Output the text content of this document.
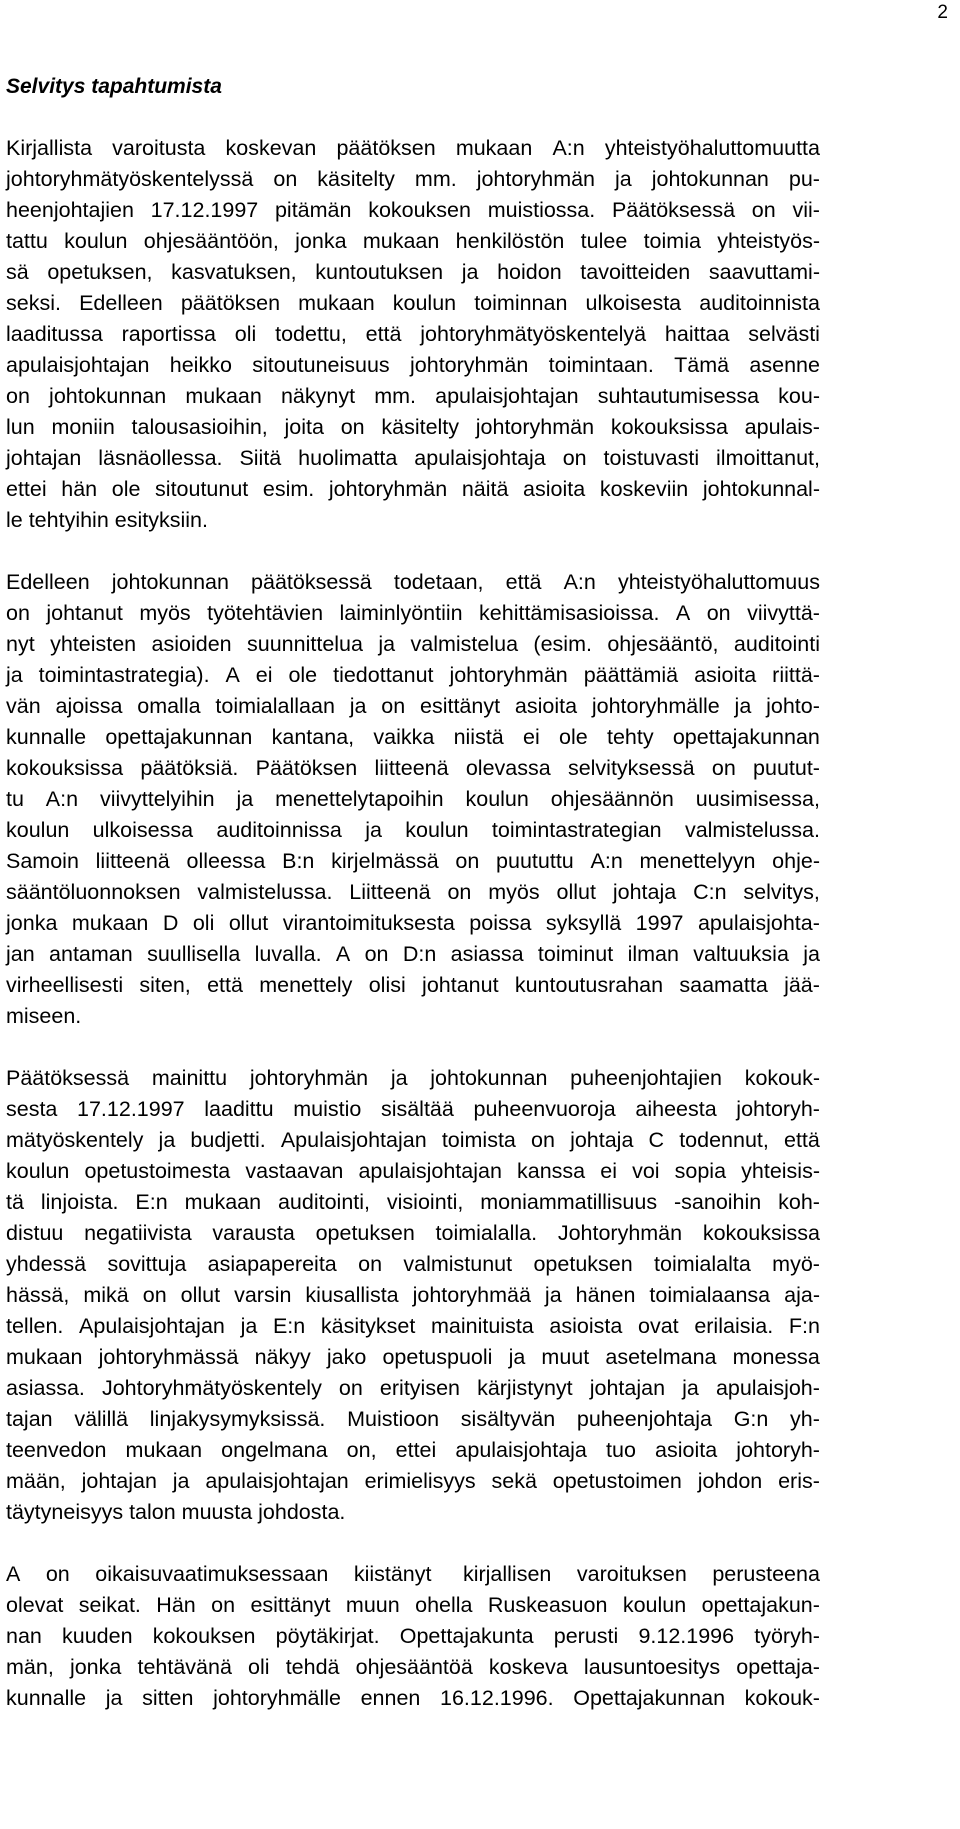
2
Selvitys tapahtumista
Kirjallista varoitusta koskevan päätöksen mukaan A:n yhteistyöhaluttomuutta
johtoryhmätyöskentelyssä on käsitelty mm. johtoryhmän ja johtokunnan pu-
heenjohtajien 17.12.1997 pitämän kokouksen muistiossa. Päätöksessä on vii-
tattu koulun ohjesääntöön, jonka mukaan henkilöstön tulee toimia yhteistyös-
sä opetuksen, kasvatuksen, kuntoutuksen ja hoidon tavoitteiden saavuttami-
seksi. Edelleen päätöksen mukaan koulun toiminnan ulkoisesta auditoinnista
laaditussa raportissa oli todettu, että johtoryhmätyöskentelyä haittaa selvästi
apulaisjohtajan heikko sitoutuneisuus johtoryhmän toimintaan. Tämä asenne
on johtokunnan mukaan näkynyt mm. apulaisjohtajan suhtautumisessa kou-
lun moniin talousasioihin, joita on käsitelty johtoryhmän kokouksissa apulais-
johtajan läsnäollessa. Siitä huolimatta apulaisjohtaja on toistuvasti ilmoittanut,
ettei hän ole sitoutunut esim. johtoryhmän näitä asioita koskeviin johtokunnal-
le tehtyihin esityksiin.
Edelleen johtokunnan päätöksessä todetaan, että A:n yhteistyöhaluttomuus
on johtanut myös työtehtävien laiminlyöntiin kehittämisasioissa. A on viivyttä-
nyt yhteisten asioiden suunnittelua ja valmistelua (esim. ohjesääntö, auditointi
ja toimintastrategia). A ei ole tiedottanut johtoryhmän päättämiä asioita riittä-
vän ajoissa omalla toimialallaan ja on esittänyt asioita johtoryhmälle ja johto-
kunnalle opettajakunnan kantana, vaikka niistä ei ole tehty opettajakunnan
kokouksissa päätöksiä. Päätöksen liitteenä olevassa selvityksessä on puutut-
tu A:n viivyttelyihin ja menettelytapoihin koulun ohjesäännön uusimisessa,
koulun ulkoisessa auditoinnissa ja koulun toimintastrategian valmistelussa.
Samoin liitteenä olleessa B:n kirjelmässä on puututtu A:n menettelyyn ohje-
sääntöluonnoksen valmistelussa. Liitteenä on myös ollut johtaja C:n selvitys,
jonka mukaan D oli ollut virantoimituksesta poissa syksyllä 1997 apulaisjohta-
jan antaman suullisella luvalla. A on D:n asiassa toiminut ilman valtuuksia ja
virheellisesti siten, että menettely olisi johtanut kuntoutusrahan saamatta jää-
miseen.
Päätöksessä mainittu johtoryhmän ja johtokunnan puheenjohtajien kokouk-
sesta 17.12.1997 laadittu muistio sisältää puheenvuoroja aiheesta johtoryh-
mätyöskentely ja budjetti. Apulaisjohtajan toimista on johtaja C todennut, että
koulun opetustoimesta vastaavan apulaisjohtajan kanssa ei voi sopia yhteisis-
tä linjoista. E:n mukaan auditointi, visiointi, moniammatillisuus -sanoihin koh-
distuu negatiivista varausta opetuksen toimialalla. Johtoryhmän kokouksissa
yhdessä sovittuja asiapapereita on valmistunut opetuksen toimialalta myö-
hässä, mikä on ollut varsin kiusallista johtoryhmää ja hänen toimialaansa aja-
tellen. Apulaisjohtajan ja E:n käsitykset mainituista asioista ovat erilaisia. F:n
mukaan johtoryhmässä näkyy jako opetuspuoli ja muut asetelmana monessa
asiassa. Johtoryhmätyöskentely on erityisen kärjistynyt johtajan ja apulaisjoh-
tajan välillä linjakysymyksissä. Muistioon sisältyvän puheenjohtaja G:n yh-
teenvedon mukaan ongelmana on, ettei apulaisjohtaja tuo asioita johtoryh-
mään, johtajan ja apulaisjohtajan erimielisyys sekä opetustoimen johdon eris-
täytyneisyys talon muusta johdosta.
A on oikaisuvaatimuksessaan kiistänyt kirjallisen varoituksen perusteena
olevat seikat. Hän on esittänyt muun ohella Ruskeasuon koulun opettajakun-
nan kuuden kokouksen pöytäkirjat. Opettajakunta perusti 9.12.1996 työryh-
män, jonka tehtävänä oli tehdä ohjesääntöä koskeva lausuntoesitys opettaja-
kunnalle ja sitten johtoryhmälle ennen 16.12.1996. Opettajakunnan kokouk-
